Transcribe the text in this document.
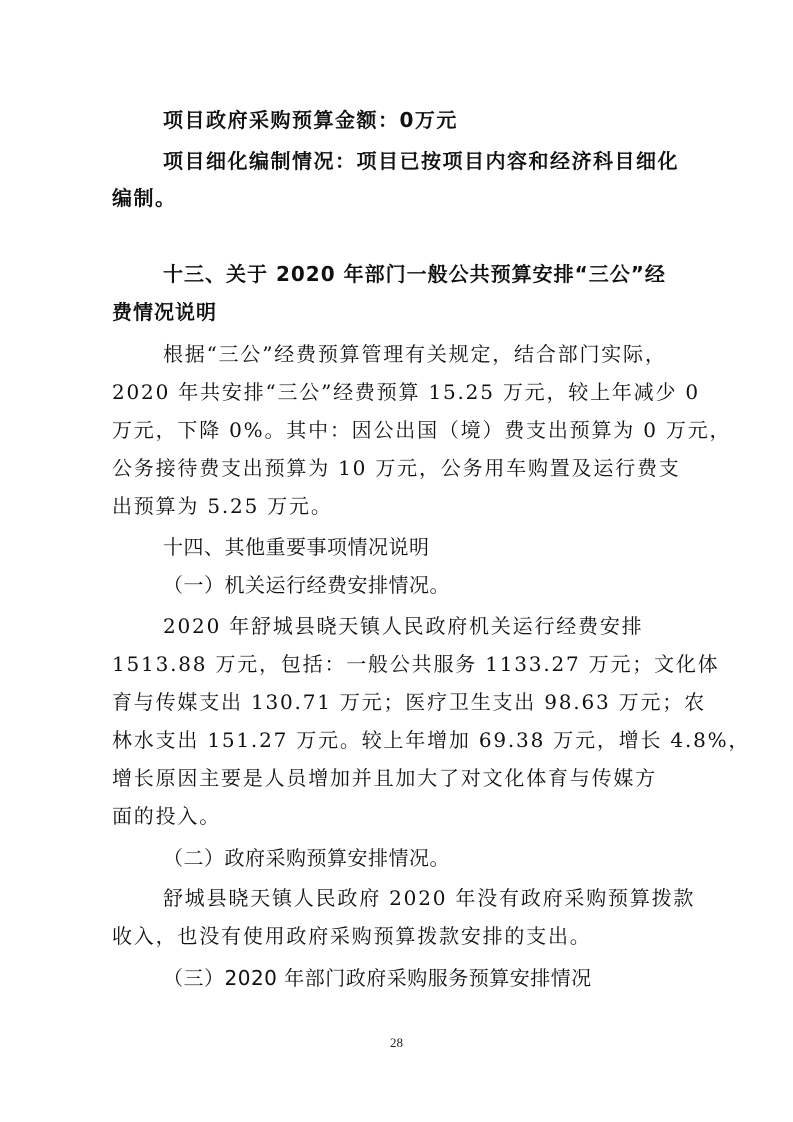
项目政府采购预算金额：0万元
项目细化编制情况：项目已按项目内容和经济科目细化
编制。
十三、关于 2020 年部门一般公共预算安排“三公”经
费情况说明
根据“三公”经费预算管理有关规定，结合部门实际，
2020 年共安排“三公”经费预算 15.25 万元，较上年减少 0
万元，下降 0%。其中：因公出国（境）费支出预算为 0 万元，
公务接待费支出预算为 10 万元，公务用车购置及运行费支
出预算为 5.25 万元。
十四、其他重要事项情况说明
（一）机关运行经费安排情况。
2020 年舒城县晓天镇人民政府机关运行经费安排
1513.88 万元，包括：一般公共服务 1133.27 万元；文化体
育与传媒支出 130.71 万元；医疗卫生支出 98.63 万元；农
林水支出 151.27 万元。较上年增加 69.38 万元，增长 4.8%，
增长原因主要是人员增加并且加大了对文化体育与传媒方
面的投入。
（二）政府采购预算安排情况。
舒城县晓天镇人民政府 2020 年没有政府采购预算拨款
收入，也没有使用政府采购预算拨款安排的支出。
（三）2020 年部门政府采购服务预算安排情况
28
